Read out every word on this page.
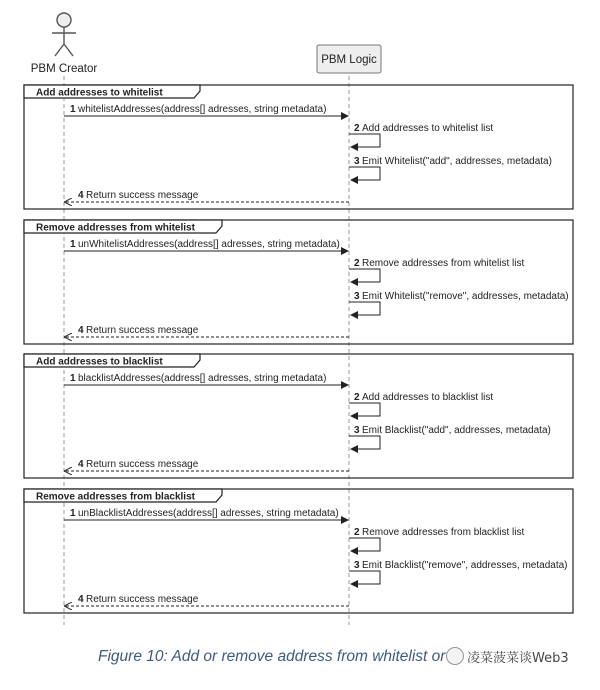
PBM Creator
PBM Logic
Add addresses to whitelist
1 whitelistAddresses(address[] adresses, string metadata)
2 Add addresses to whitelist list
3 Emit Whitelist("add", addresses, metadata)
4 Return success message
Remove addresses from whitelist
1 unWhitelistAddresses(address[] adresses, string metadata)
2 Remove addresses from whitelist list
3 Emit Whitelist("remove", addresses, metadata)
4 Return success message
Add addresses to blacklist
1 blacklistAddresses(address[] adresses, string metadata)
2 Add addresses to blacklist list
3 Emit Blacklist("add", addresses, metadata)
4 Return success message
Remove addresses from blacklist
1 unBlacklistAddresses(address[] adresses, string metadata)
2 Remove addresses from blacklist list
3 Emit Blacklist("remove", addresses, metadata)
4 Return success message
Figure 10: Add or remove address from whitelist or	凌菜菠菜谈Web3
